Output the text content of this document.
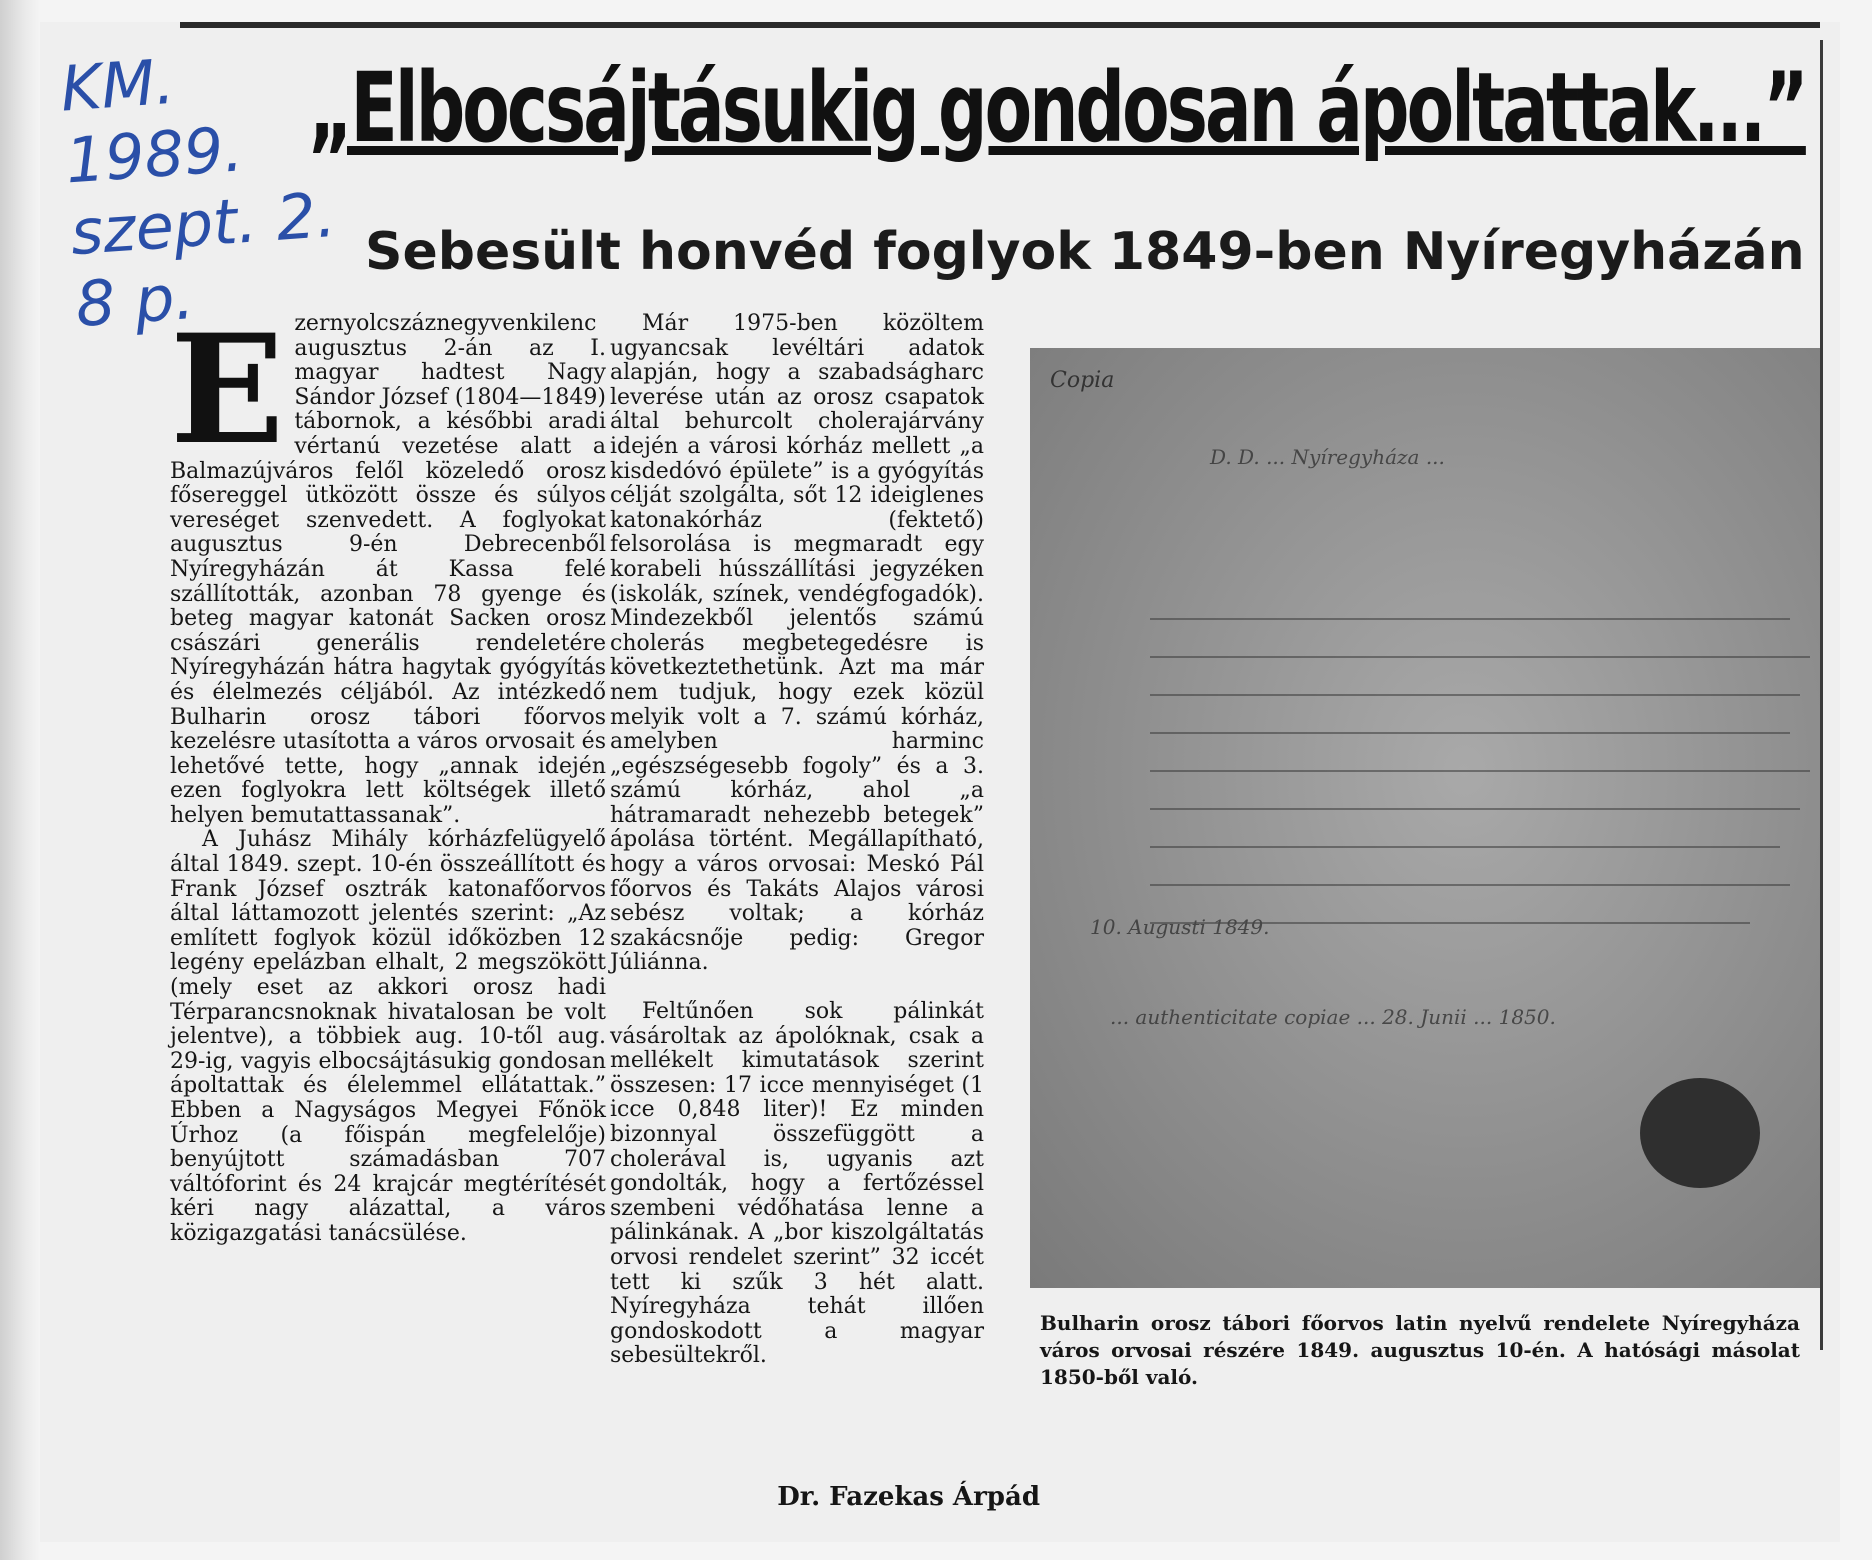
KM.
1989.
szept. 2.
8 p.
„Elbocsájtásukig gondosan ápoltattak...”
Sebesült honvéd foglyok 1849-ben Nyíregyházán
E zernyolcszáznegyvenkilenc augusztus 2-án az I. magyar hadtest Nagy Sándor József (1804—1849) tábornok, a későbbi aradi vértanú vezetése alatt a Balmazújváros felől közeledő orosz fősereggel ütközött össze és súlyos vereséget szenvedett. A foglyokat augusztus 9-én Debrecenből Nyíregyházán át Kassa felé szállították, azonban 78 gyenge és beteg magyar katonát Sacken orosz császári generális rendeletére Nyíregyházán hátra hagytak gyógyítás és élelmezés céljából. Az intézkedő Bulharin orosz tábori főorvos kezelésre utasította a város orvosait és lehetővé tette, hogy „annak idején ezen foglyokra lett költségek illető helyen bemutattassanak”.

A Juhász Mihály kórházfelügyelő által 1849. szept. 10-én összeállított és Frank József osztrák katonafőorvos által láttamozott jelentés szerint: „Az említett foglyok közül időközben 12 legény epelázban elhalt, 2 megszökött (mely eset az akkori orosz hadi Térparancsnoknak hivatalosan be volt jelentve), a többiek aug. 10-től aug. 29-ig, vagyis elbocsájtásukig gondosan ápoltattak és élelemmel ellátattak.” Ebben a Nagyságos Megyei Főnök Úrhoz (a főispán megfelelője) benyújtott számadásban 707 váltóforint és 24 krajcár megtérítését kéri nagy alázattal, a város közigazgatási tanácsülése.

Már 1975-ben közöltem ugyancsak levéltári adatok alapján, hogy a szabadságharc leverése után az orosz csapatok által behurcolt cholerajárvány idején a városi kórház mellett „a kisdedóvó épülete” is a gyógyítás célját szolgálta, sőt 12 ideiglenes katonakórház (fektető) felsorolása is megmaradt egy korabeli hússzállítási jegyzéken (iskolák, színek, vendégfogadók). Mindezekből jelentős számú cholerás megbetegedésre is következtethetünk. Azt ma már nem tudjuk, hogy ezek közül melyik volt a 7. számú kórház, amelyben harminc „egészségesebb fogoly” és a 3. számú kórház, ahol „a hátramaradt nehezebb betegek” ápolása történt. Megállapítható, hogy a város orvosai: Meskó Pál főorvos és Takáts Alajos városi sebész voltak; a kórház szakácsnője pedig: Gregor Júliánna.

Feltűnően sok pálinkát vásároltak az ápolóknak, csak a mellékelt kimutatások szerint összesen: 17 icce mennyiséget (1 icce 0,848 liter)! Ez minden bizonnyal összefüggött a cholerával is, ugyanis azt gondolták, hogy a fertőzéssel szembeni védőhatása lenne a pálinkának. A „bor kiszolgáltatás orvosi rendelet szerint” 32 iccét tett ki szűk 3 hét alatt. Nyíregyháza tehát illően gondoskodott a magyar sebesültekről.

Dr. Fazekas Árpád
Copia
D. D. ... Nyíregyháza ...
10. Augusti 1849.
... authenticitate copiae ... 28. Junii ... 1850.
Bulharin orosz tábori főorvos latin nyelvű rendelete Nyíregyháza város orvosai részére 1849. augusztus 10-én. A hatósági másolat 1850-ből való.
